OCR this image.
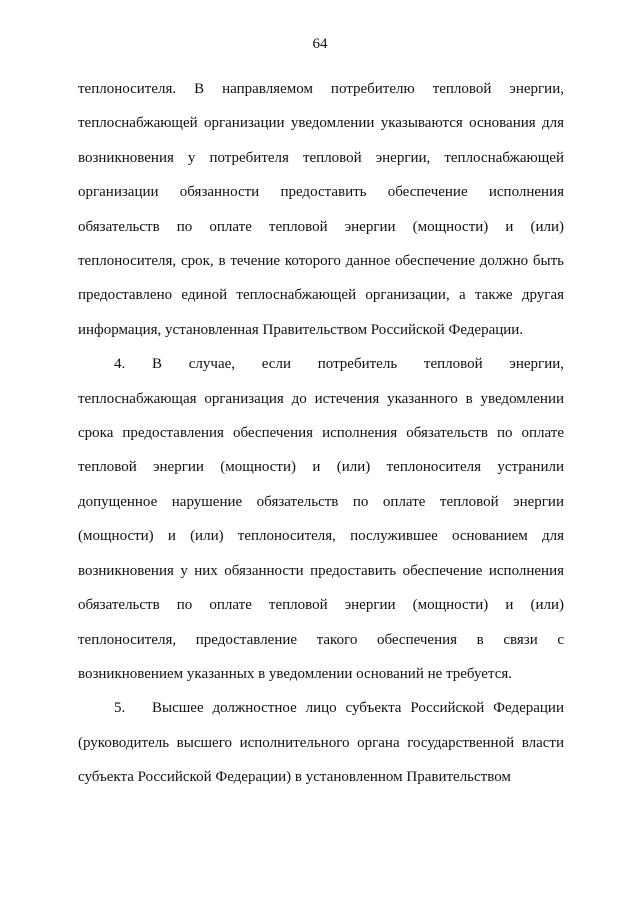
64

теплоносителя. В направляемом потребителю тепловой энергии, теплоснабжающей организации уведомлении указываются основания для возникновения у потребителя тепловой энергии, теплоснабжающей организации обязанности предоставить обеспечение исполнения обязательств по оплате тепловой энергии (мощности) и (или) теплоносителя, срок, в течение которого данное обеспечение должно быть предоставлено единой теплоснабжающей организации, а также другая информация, установленная Правительством Российской Федерации.

4. В случае, если потребитель тепловой энергии, теплоснабжающая организация до истечения указанного в уведомлении срока предоставления обеспечения исполнения обязательств по оплате тепловой энергии (мощности) и (или) теплоносителя устранили допущенное нарушение обязательств по оплате тепловой энергии (мощности) и (или) теплоносителя, послужившее основанием для возникновения у них обязанности предоставить обеспечение исполнения обязательств по оплате тепловой энергии (мощности) и (или) теплоносителя, предоставление такого обеспечения в связи с возникновением указанных в уведомлении оснований не требуется.

5. Высшее должностное лицо субъекта Российской Федерации (руководитель высшего исполнительного органа государственной власти субъекта Российской Федерации) в установленном Правительством
